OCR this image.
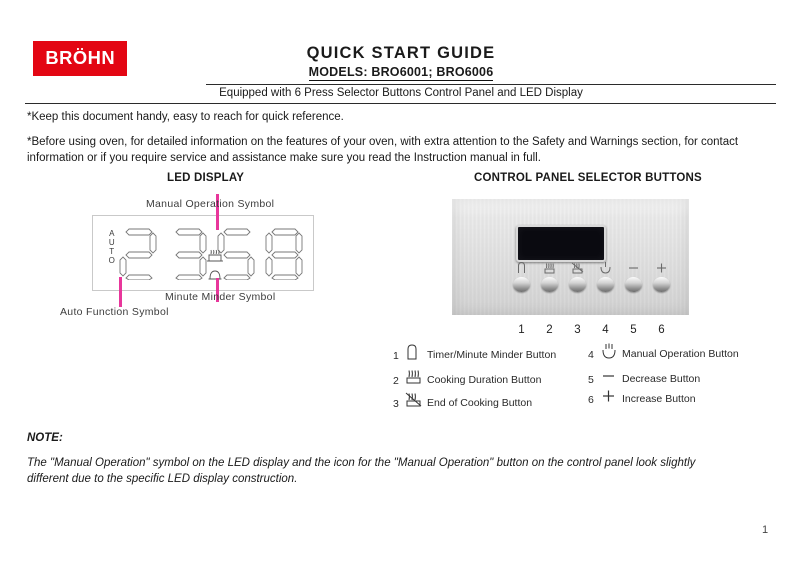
BRÖHN	QUICK START GUIDE
MODELS: BRO6001; BRO6006
Equipped with 6 Press Selector Buttons Control Panel and LED Display
*Keep this document handy, easy to reach for quick reference.
*Before using oven, for detailed information on the features of your oven, with extra attention to the Safety and Warnings section, for contact information or if you require service and assistance make sure you read the Instruction manual in full.
LED DISPLAY	CONTROL PANEL SELECTOR BUTTONS
A
U
T
O
Manual Operation Symbol
Minute Minder Symbol
Auto Function Symbol
1	2	3	4	5	6
1	Timer/Minute Minder Button
2	Cooking Duration Button
3	End of Cooking Button
4	Manual Operation Button
5	Decrease Button
6	Increase Button
NOTE:
The "Manual Operation" symbol on the LED display and the icon for the "Manual Operation" button on the control panel look slightly different due to the specific LED display construction.
1
